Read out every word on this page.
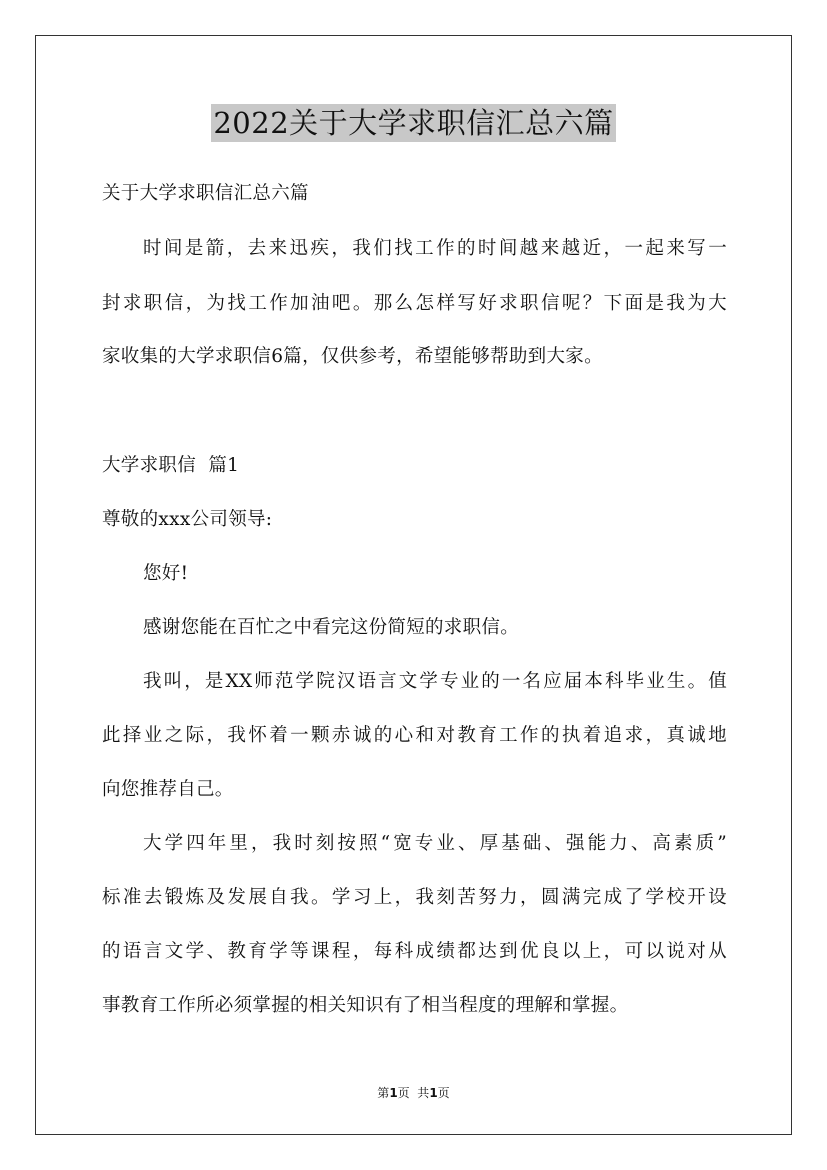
2022关于大学求职信汇总六篇
关于大学求职信汇总六篇
时间是箭，去来迅疾，我们找工作的时间越来越近，一起来写一
封求职信，为找工作加油吧。那么怎样写好求职信呢？下面是我为大
家收集的大学求职信6篇，仅供参考，希望能够帮助到大家。
大学求职信  篇1
尊敬的xxx公司领导:
您好!
感谢您能在百忙之中看完这份简短的求职信。
我叫，是XX师范学院汉语言文学专业的一名应届本科毕业生。值
此择业之际，我怀着一颗赤诚的心和对教育工作的执着追求，真诚地
向您推荐自己。
大学四年里，我时刻按照“宽专业、厚基础、强能力、高素质”
标准去锻炼及发展自我。学习上，我刻苦努力，圆满完成了学校开设
的语言文学、教育学等课程，每科成绩都达到优良以上，可以说对从
事教育工作所必须掌握的相关知识有了相当程度的理解和掌握。
第1页  共1页
